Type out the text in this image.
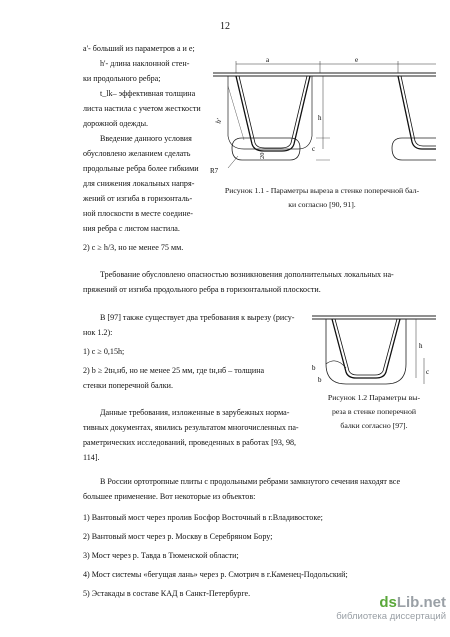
12
a'- больший из параметров a и e;
h'- длина наклонной стен-
ки продольного ребра;
t_lk– эффективная толщина
листа настила с учетом жесткости
дорожной одежды.
Введение данного условия
обусловлено желанием сделать
продольные ребра более гибкими
для снижения локальных напря-
жений от изгиба в горизонталь-
ной плоскости в месте соедине-
ния ребра с листом настила.
a	e
h
c
h'
20
R7
Рисунок 1.1 - Параметры выреза в стенке поперечной бал-
ки согласно [90, 91].
2) c ≥ h/3, но не менее 75 мм.
Требование обусловлено опасностью возникновения дополнительных локальных на-
пряжений от изгиба продольного ребра в горизонтальной плоскости.
В [97] также существует два требования к вырезу (рису-
нок 1.2):
1) c ≥ 0,15h;
2) b ≥ 2tн,нб, но не менее 25 мм, где tн,нб – толщина
стенки поперечной балки.
Данные требования, изложенные в зарубежных норма-
тивных документах, явились результатом многочисленных па-
раметрических исследований, проведенных в работах [93, 98,
114].
h
c
b
b
Рисунок 1.2 Параметры вы-
реза в стенке поперечной
балки согласно [97].
В России ортотропные плиты с продольными ребрами замкнутого сечения находят все
большее применение. Вот некоторые из объектов:
1) Вантовый мост через пролив Босфор Восточный в г.Владивостоке;
2) Вантовый мост через р. Москву в Серебряном Бору;
3) Мост через р. Тавда в Тюменской области;
4) Мост системы «бегущая лань» через р. Смотрич в г.Каменец-Подольский;
5) Эстакады в составе КАД в Санкт-Петербурге.
dsLib.net
библиотека диссертаций
